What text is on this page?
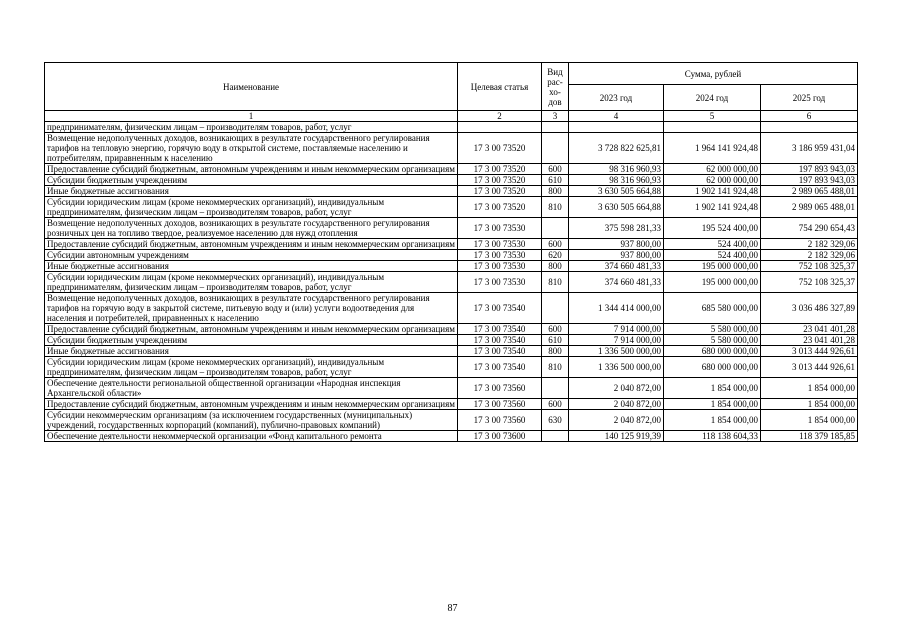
Наименование	Целевая статья	Вид
рас-
хо-
дов	Сумма, рублей		
			2023 год	2024 год	2025 год
1	2	3	4	5	6
предпринимателям, физическим лицам – производителям товаров, работ, услуг					
Возмещение недополученных доходов, возникающих в результате государственного регулирования тарифов на тепловую энергию, горячую воду в открытой системе, поставляемые населению и потребителям, приравненным к населению	17 3 00 73520		3 728 822 625,81	1 964 141 924,48	3 186 959 431,04
Предоставление субсидий бюджетным, автономным учреждениям и иным некоммерческим организациям	17 3 00 73520	600	98 316 960,93	62 000 000,00	197 893 943,03
Субсидии бюджетным учреждениям	17 3 00 73520	610	98 316 960,93	62 000 000,00	197 893 943,03
Иные бюджетные ассигнования	17 3 00 73520	800	3 630 505 664,88	1 902 141 924,48	2 989 065 488,01
Субсидии юридическим лицам (кроме некоммерческих организаций), индивидуальным предпринимателям, физическим лицам – производителям товаров, работ, услуг	17 3 00 73520	810	3 630 505 664,88	1 902 141 924,48	2 989 065 488,01
Возмещение недополученных доходов, возникающих в результате государственного регулирования розничных цен на топливо твердое, реализуемое населению для нужд отопления	17 3 00 73530		375 598 281,33	195 524 400,00	754 290 654,43
Предоставление субсидий бюджетным, автономным учреждениям и иным некоммерческим организациям	17 3 00 73530	600	937 800,00	524 400,00	2 182 329,06
Субсидии автономным учреждениям	17 3 00 73530	620	937 800,00	524 400,00	2 182 329,06
Иные бюджетные ассигнования	17 3 00 73530	800	374 660 481,33	195 000 000,00	752 108 325,37
Субсидии юридическим лицам (кроме некоммерческих организаций), индивидуальным предпринимателям, физическим лицам – производителям товаров, работ, услуг	17 3 00 73530	810	374 660 481,33	195 000 000,00	752 108 325,37
Возмещение недополученных доходов, возникающих в результате государственного регулирования тарифов на горячую воду в закрытой системе, питьевую воду и (или) услуги водоотведения для населения и потребителей, приравненных к населению	17 3 00 73540		1 344 414 000,00	685 580 000,00	3 036 486 327,89
Предоставление субсидий бюджетным, автономным учреждениям и иным некоммерческим организациям	17 3 00 73540	600	7 914 000,00	5 580 000,00	23 041 401,28
Субсидии бюджетным учреждениям	17 3 00 73540	610	7 914 000,00	5 580 000,00	23 041 401,28
Иные бюджетные ассигнования	17 3 00 73540	800	1 336 500 000,00	680 000 000,00	3 013 444 926,61
Субсидии юридическим лицам (кроме некоммерческих организаций), индивидуальным предпринимателям, физическим лицам – производителям товаров, работ, услуг	17 3 00 73540	810	1 336 500 000,00	680 000 000,00	3 013 444 926,61
Обеспечение деятельности региональной общественной организации «Народная инспекция Архангельской области»	17 3 00 73560		2 040 872,00	1 854 000,00	1 854 000,00
Предоставление субсидий бюджетным, автономным учреждениям и иным некоммерческим организациям	17 3 00 73560	600	2 040 872,00	1 854 000,00	1 854 000,00
Субсидии некоммерческим организациям (за исключением государственных (муниципальных) учреждений, государственных корпораций (компаний), публично-правовых компаний)	17 3 00 73560	630	2 040 872,00	1 854 000,00	1 854 000,00
Обеспечение деятельности некоммерческой организации «Фонд капитального ремонта	17 3 00 73600		140 125 919,39	118 138 604,33	118 379 185,85
87
